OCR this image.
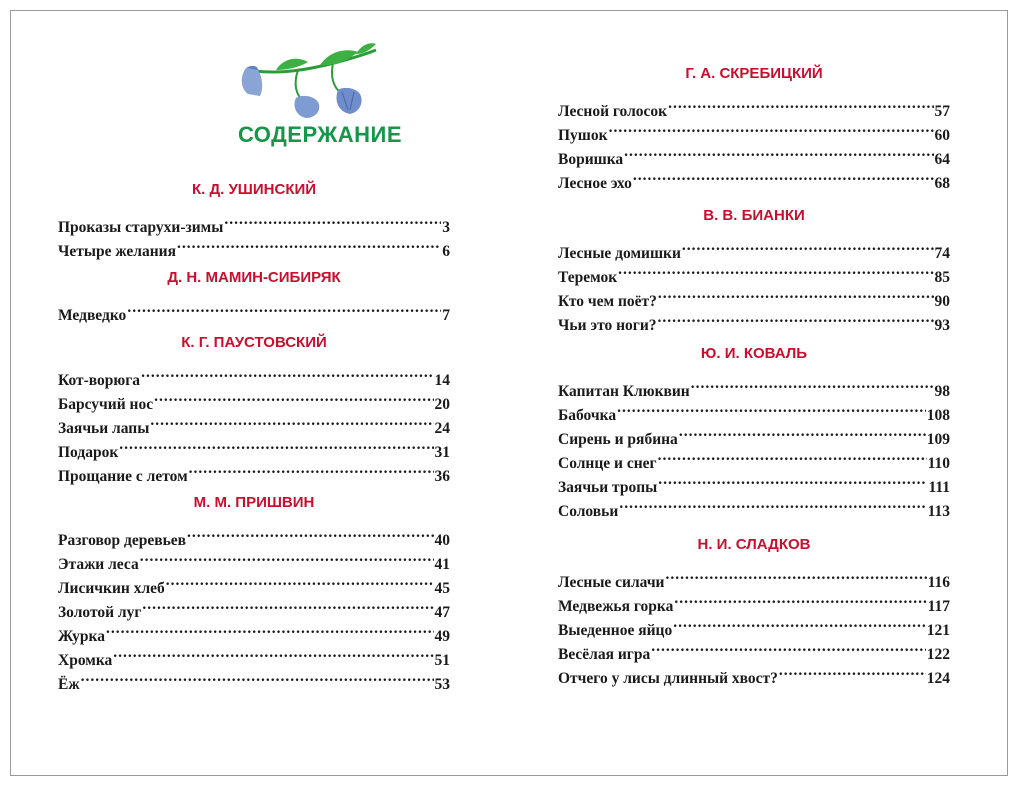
СОДЕРЖАНИЕ
К. Д. УШИНСКИЙ
Проказы старухи-зимы .....	3
Четыре желания .....	6
Д. Н. МАМИН-СИБИРЯК
Медведко .....	7
К. Г. ПАУСТОВСКИЙ
Кот-ворюга .....	14
Барсучий нос .....	20
Заячьи лапы .....	24
Подарок .....	31
Прощание с летом .....	36
М. М. ПРИШВИН
Разговор деревьев .....	40
Этажи леса .....	41
Лисичкин хлеб .....	45
Золотой луг .....	47
Журка .....	49
Хромка .....	51
Ёж .....	53
Г. А. СКРЕБИЦКИЙ
Лесной голосок .....	57
Пушок .....	60
Воришка .....	64
Лесное эхо .....	68
В. В. БИАНКИ
Лесные домишки .....	74
Теремок .....	85
Кто чем поёт? .....	90
Чьи это ноги? .....	93
Ю. И. КОВАЛЬ
Капитан Клюквин .....	98
Бабочка .....	108
Сирень и рябина .....	109
Солнце и снег .....	110
Заячьи тропы .....	111
Соловьи .....	113
Н. И. СЛАДКОВ
Лесные силачи .....	116
Медвежья горка .....	117
Выеденное яйцо .....	121
Весёлая игра .....	122
Отчего у лисы длинный хвост? .....	124
